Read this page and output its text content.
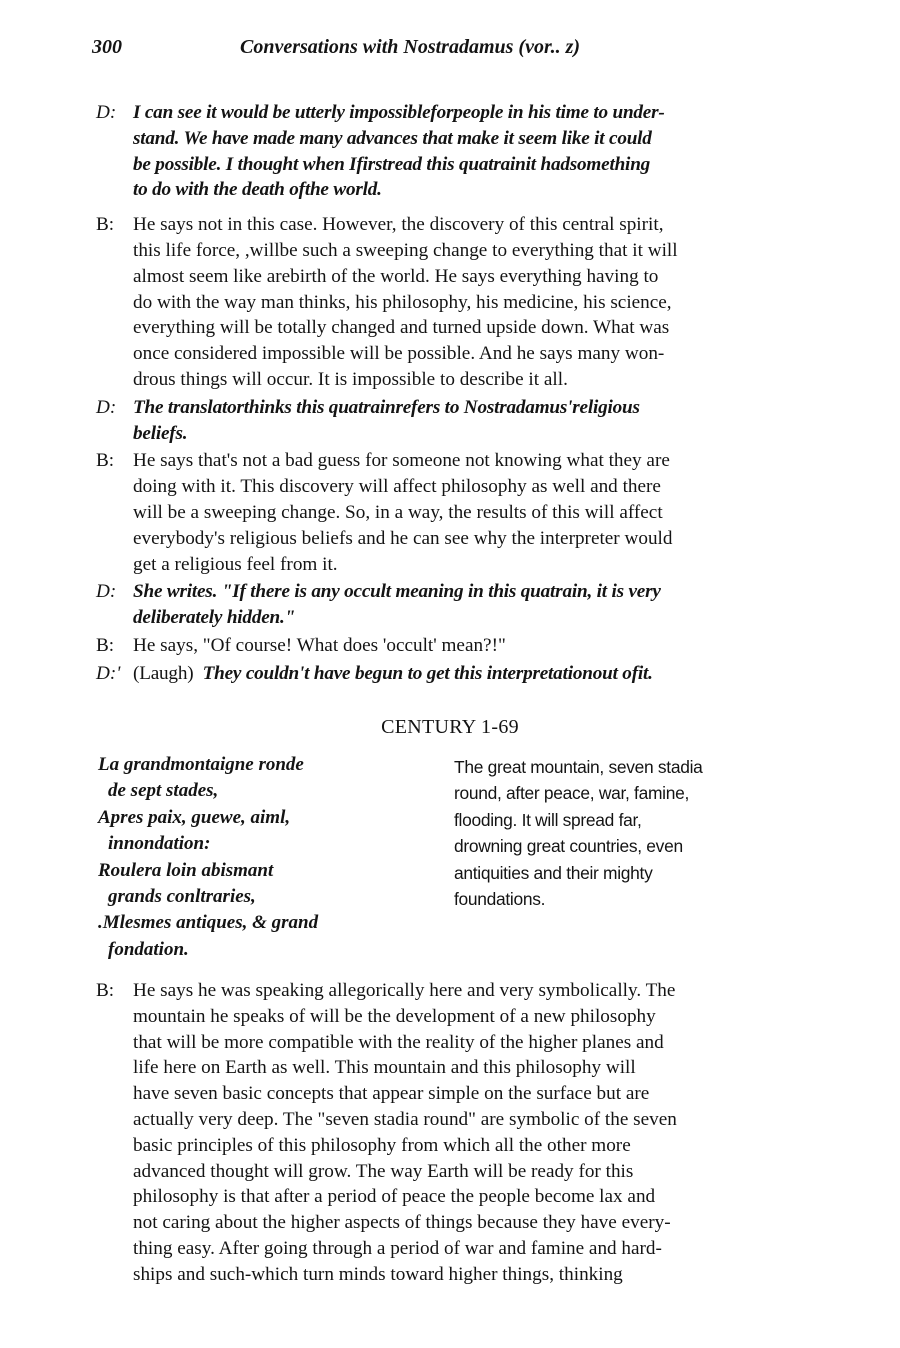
300	Conversations with Nostradamus (vor.. z)
D: I can see it would be utterly impossibleforpeople in his time to under-
stand. We have made many advances that make it seem like it could
be possible. I thought when Ifirstread this quatrainit hadsomething
to do with the death ofthe world.
B: He says not in this case. However, the discovery of this central spirit,
this life force, ,willbe such a sweeping change to everything that it will
almost seem like arebirth of the world. He says everything having to
do with the way man thinks, his philosophy, his medicine, his science,
everything will be totally changed and turned upside down. What was
once considered impossible will be possible. And he says many won-
drous things will occur. It is impossible to describe it all.
D: The translatorthinks this quatrainrefers to Nostradamus'religious
beliefs.
B: He says that's not a bad guess for someone not knowing what they are
doing with it. This discovery will affect philosophy as well and there
will be a sweeping change. So, in a way, the results of this will affect
everybody's religious beliefs and he can see why the interpreter would
get a religious feel from it.
D: She writes. "If there is any occult meaning in this quatrain, it is very
deliberately hidden."
B: He says, "Of course! What does 'occult' mean?!"
D:' (Laugh) They couldn't have begun to get this interpretationout ofit.
CENTURY 1-69
La grandmontaigne ronde
de sept stades,
Apres paix, guewe, aiml,
innondation:
Roulera loin abismant
grands conltraries,
.Mlesmes antiques, & grand
fondation.
The great mountain, seven stadia
round, after peace, war, famine,
flooding. It will spread far,
drowning great countries, even
antiquities and their mighty
foundations.
B: He says he was speaking allegorically here and very symbolically. The
mountain he speaks of will be the development of a new philosophy
that will be more compatible with the reality of the higher planes and
life here on Earth as well. This mountain and this philosophy will
have seven basic concepts that appear simple on the surface but are
actually very deep. The "seven stadia round" are symbolic of the seven
basic principles of this philosophy from which all the other more
advanced thought will grow. The way Earth will be ready for this
philosophy is that after a period of peace the people become lax and
not caring about the higher aspects of things because they have every-
thing easy. After going through a period of war and famine and hard-
ships and such-which turn minds toward higher things, thinking
